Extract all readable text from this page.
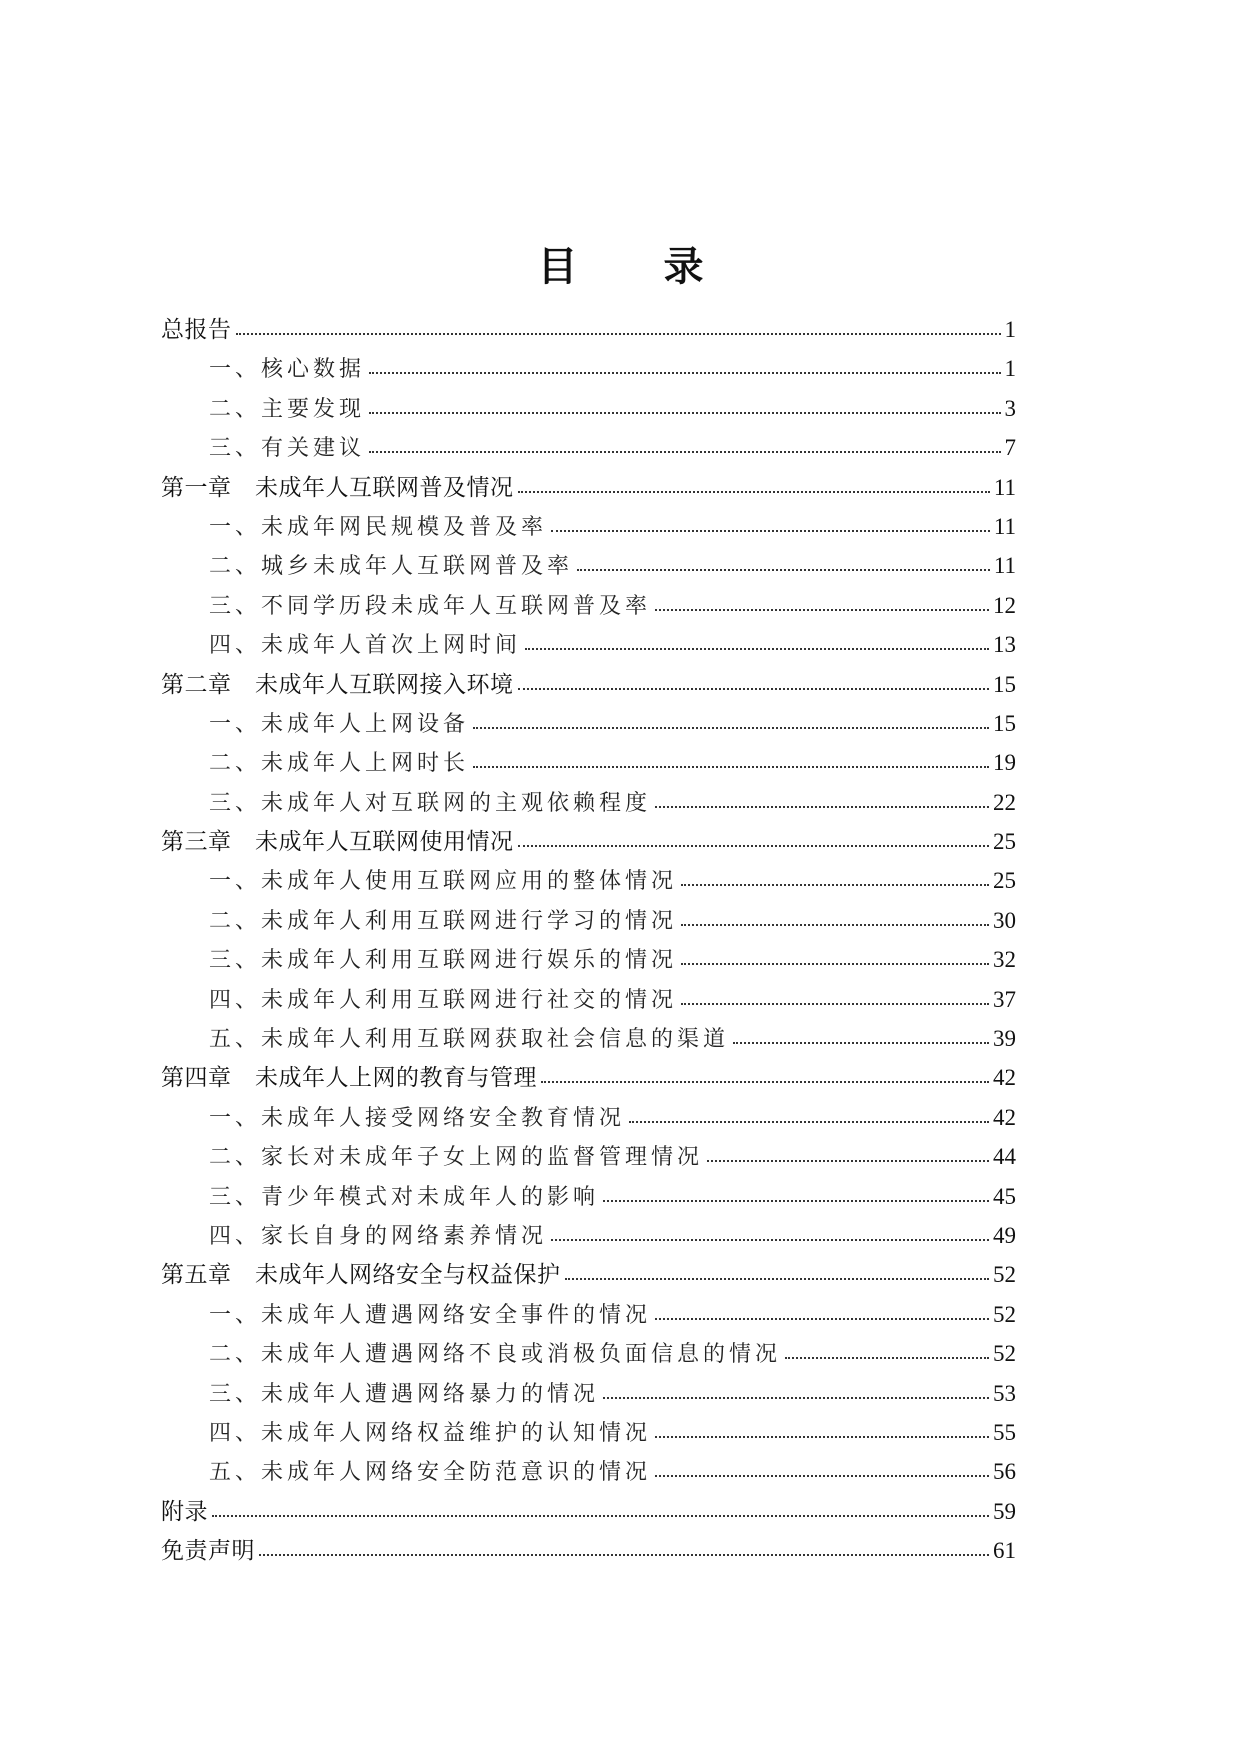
目 录
总报告	1
一、核心数据	1
二、主要发现	3
三、有关建议	7
第一章　未成年人互联网普及情况	11
一、未成年网民规模及普及率	11
二、城乡未成年人互联网普及率	11
三、不同学历段未成年人互联网普及率	12
四、未成年人首次上网时间	13
第二章　未成年人互联网接入环境	15
一、未成年人上网设备	15
二、未成年人上网时长	19
三、未成年人对互联网的主观依赖程度	22
第三章　未成年人互联网使用情况	25
一、未成年人使用互联网应用的整体情况	25
二、未成年人利用互联网进行学习的情况	30
三、未成年人利用互联网进行娱乐的情况	32
四、未成年人利用互联网进行社交的情况	37
五、未成年人利用互联网获取社会信息的渠道	39
第四章　未成年人上网的教育与管理	42
一、未成年人接受网络安全教育情况	42
二、家长对未成年子女上网的监督管理情况	44
三、青少年模式对未成年人的影响	45
四、家长自身的网络素养情况	49
第五章　未成年人网络安全与权益保护	52
一、未成年人遭遇网络安全事件的情况	52
二、未成年人遭遇网络不良或消极负面信息的情况	52
三、未成年人遭遇网络暴力的情况	53
四、未成年人网络权益维护的认知情况	55
五、未成年人网络安全防范意识的情况	56
附录	59
免责声明	61
